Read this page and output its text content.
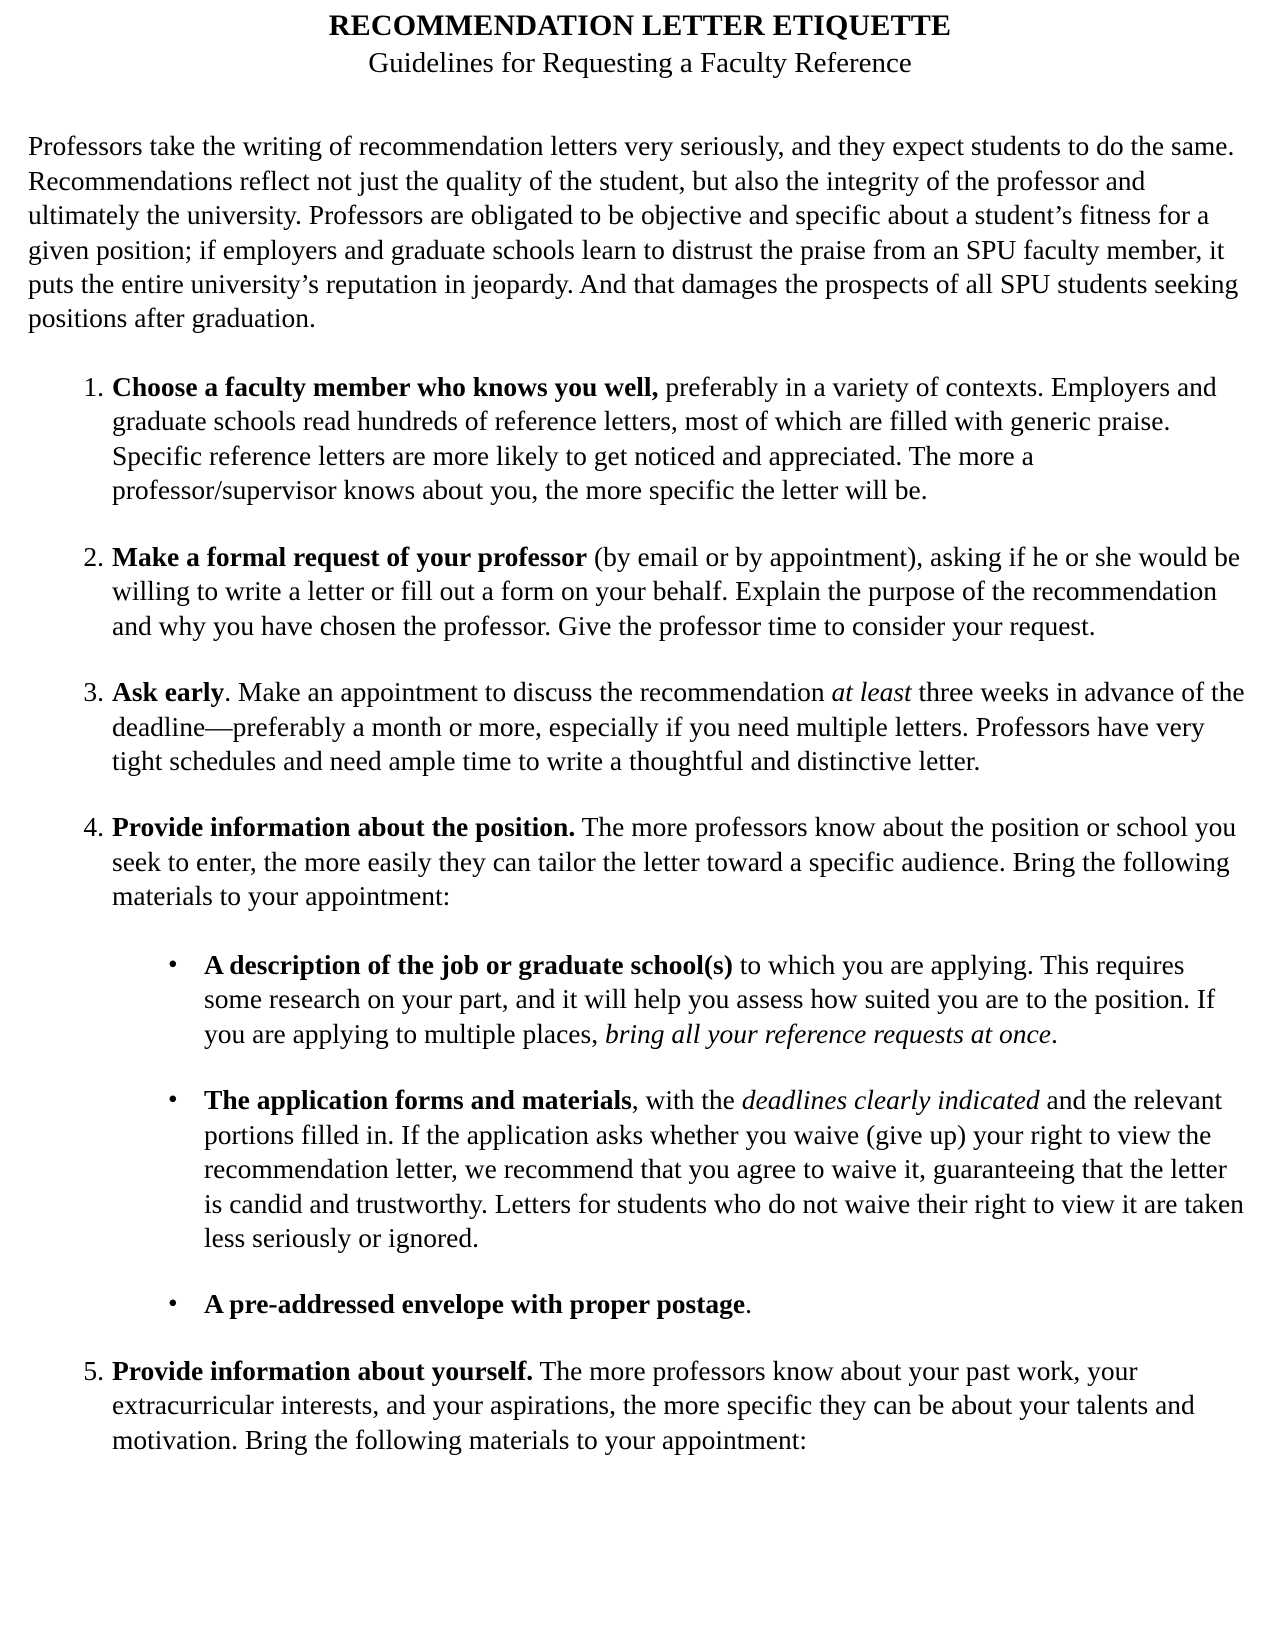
RECOMMENDATION LETTER ETIQUETTE
Guidelines for Requesting a Faculty Reference

Professors take the writing of recommendation letters very seriously, and they expect students to do the same. Recommendations reflect not just the quality of the student, but also the integrity of the professor and ultimately the university. Professors are obligated to be objective and specific about a student’s fitness for a given position; if employers and graduate schools learn to distrust the praise from an SPU faculty member, it puts the entire university’s reputation in jeopardy. And that damages the prospects of all SPU students seeking positions after graduation.

1. Choose a faculty member who knows you well, preferably in a variety of contexts. Employers and graduate schools read hundreds of reference letters, most of which are filled with generic praise. Specific reference letters are more likely to get noticed and appreciated. The more a professor/supervisor knows about you, the more specific the letter will be.
2. Make a formal request of your professor (by email or by appointment), asking if he or she would be willing to write a letter or fill out a form on your behalf. Explain the purpose of the recommendation and why you have chosen the professor. Give the professor time to consider your request.
3. Ask early. Make an appointment to discuss the recommendation at least three weeks in advance of the deadline—preferably a month or more, especially if you need multiple letters. Professors have very tight schedules and need ample time to write a thoughtful and distinctive letter.
4. Provide information about the position. The more professors know about the position or school you seek to enter, the more easily they can tailor the letter toward a specific audience. Bring the following materials to your appointment:
• A description of the job or graduate school(s) to which you are applying. This requires some research on your part, and it will help you assess how suited you are to the position. If you are applying to multiple places, bring all your reference requests at once.
• The application forms and materials, with the deadlines clearly indicated and the relevant portions filled in. If the application asks whether you waive (give up) your right to view the recommendation letter, we recommend that you agree to waive it, guaranteeing that the letter is candid and trustworthy. Letters for students who do not waive their right to view it are taken less seriously or ignored.
• A pre-addressed envelope with proper postage.
5. Provide information about yourself. The more professors know about your past work, your extracurricular interests, and your aspirations, the more specific they can be about your talents and motivation. Bring the following materials to your appointment:
